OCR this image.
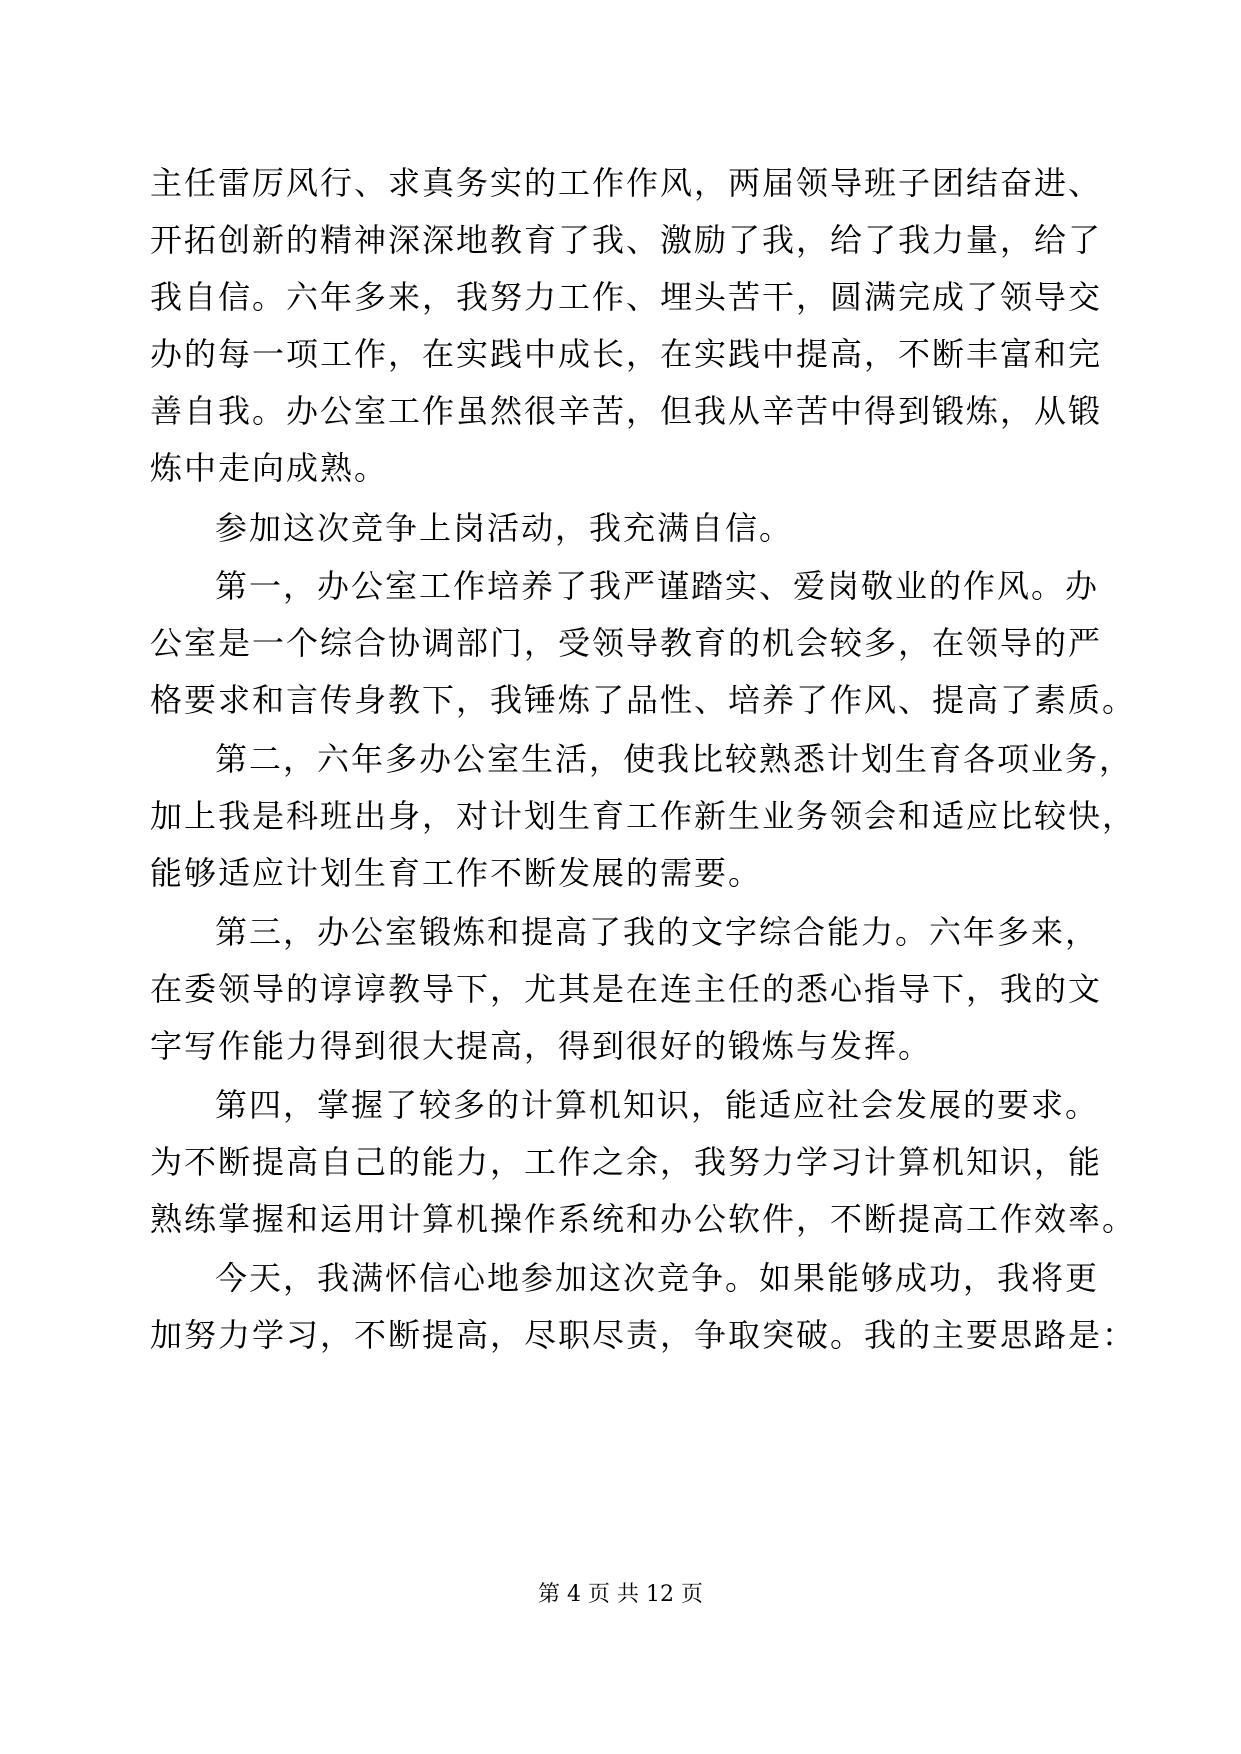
主任雷厉风行、求真务实的工作作风，两届领导班子团结奋进、
开拓创新的精神深深地教育了我、激励了我，给了我力量，给了
我自信。六年多来，我努力工作、埋头苦干，圆满完成了领导交
办的每一项工作，在实践中成长，在实践中提高，不断丰富和完
善自我。办公室工作虽然很辛苦，但我从辛苦中得到锻炼，从锻
炼中走向成熟。
参加这次竞争上岗活动，我充满自信。
第一，办公室工作培养了我严谨踏实、爱岗敬业的作风。办
公室是一个综合协调部门，受领导教育的机会较多，在领导的严
格要求和言传身教下，我锤炼了品性、培养了作风、提高了素质。
第二，六年多办公室生活，使我比较熟悉计划生育各项业务，
加上我是科班出身，对计划生育工作新生业务领会和适应比较快，
能够适应计划生育工作不断发展的需要。
第三，办公室锻炼和提高了我的文字综合能力。六年多来，
在委领导的谆谆教导下，尤其是在连主任的悉心指导下，我的文
字写作能力得到很大提高，得到很好的锻炼与发挥。
第四，掌握了较多的计算机知识，能适应社会发展的要求。
为不断提高自己的能力，工作之余，我努力学习计算机知识，能
熟练掌握和运用计算机操作系统和办公软件，不断提高工作效率。
今天，我满怀信心地参加这次竞争。如果能够成功，我将更
加努力学习，不断提高，尽职尽责，争取突破。我的主要思路是：
第 4 页 共 12 页
